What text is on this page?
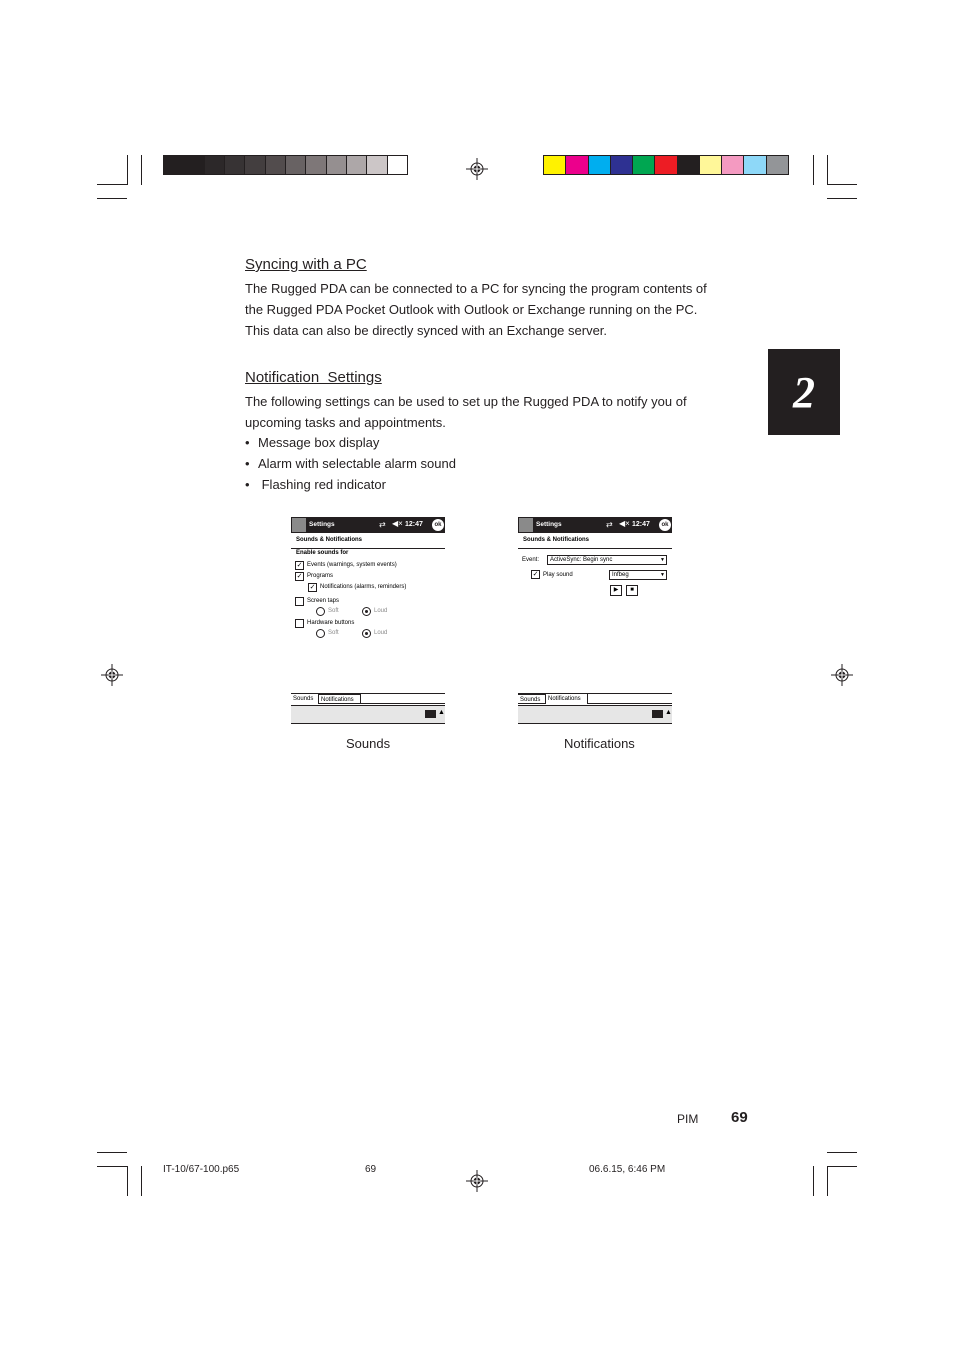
Syncing with a PC

The Rugged PDA can be connected to a PC for syncing the program contents of
the Rugged PDA Pocket Outlook with Outlook or Exchange running on the PC.
This data can also be directly synced with an Exchange server.

Notification  Settings

The following settings can be used to set up the Rugged PDA to notify you of
upcoming tasks and appointments.

• Message box display
• Alarm with selectable alarm sound
•  Flashing red indicator
2
Settings	⇄ ◀× 12:47	ok
Sounds & Notifications
Enable sounds for
✓ Events (warnings, system events)
✓ Programs
✓ Notifications (alarms, reminders)
Screen taps
Soft	Loud
Hardware buttons
Soft	Loud
Sounds	Notifications
▲
Sounds
Settings	⇄ ◀× 12:47	ok
Sounds & Notifications
Event:	ActiveSync: Begin sync	▼
✓ Play sound	Infbeg	▼
▶	■
Sounds	Notifications
▲
Notifications
PIM 69
IT-10/67-100.p65	69	06.6.15, 6:46 PM
